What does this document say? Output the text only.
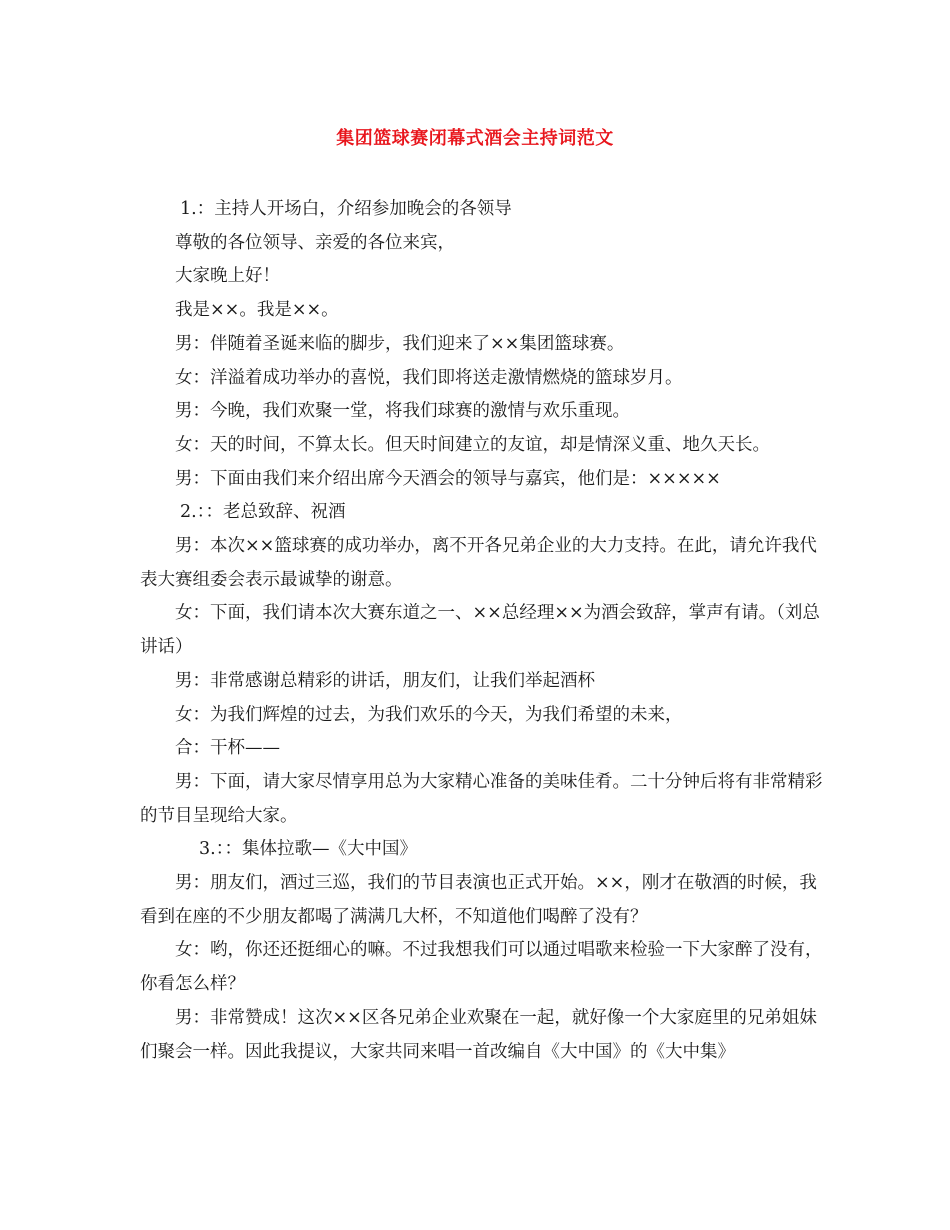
集团篮球赛闭幕式酒会主持词范文

1.：主持人开场白，介绍参加晚会的各领导

尊敬的各位领导、亲爱的各位来宾，

大家晚上好！

我是××。我是××。

男：伴随着圣诞来临的脚步，我们迎来了××集团篮球赛。

女：洋溢着成功举办的喜悦，我们即将送走激情燃烧的篮球岁月。

男：今晚，我们欢聚一堂，将我们球赛的激情与欢乐重现。

女：天的时间，不算太长。但天时间建立的友谊，却是情深义重、地久天长。

男：下面由我们来介绍出席今天酒会的领导与嘉宾，他们是：×××××

2.：：老总致辞、祝酒

男：本次××篮球赛的成功举办，离不开各兄弟企业的大力支持。在此，请允许我代表大赛组委会表示最诚挚的谢意。

女：下面，我们请本次大赛东道之一、××总经理××为酒会致辞，掌声有请。（刘总讲话）

男：非常感谢总精彩的讲话，朋友们，让我们举起酒杯

女：为我们辉煌的过去，为我们欢乐的今天，为我们希望的未来，

合：干杯——

男：下面，请大家尽情享用总为大家精心准备的美味佳肴。二十分钟后将有非常精彩的节目呈现给大家。

3.：：集体拉歌—《大中国》

男：朋友们，酒过三巡，我们的节目表演也正式开始。××，刚才在敬酒的时候，我看到在座的不少朋友都喝了满满几大杯，不知道他们喝醉了没有？

女：哟，你还还挺细心的嘛。不过我想我们可以通过唱歌来检验一下大家醉了没有，你看怎么样？

男：非常赞成！这次××区各兄弟企业欢聚在一起，就好像一个大家庭里的兄弟姐妹们聚会一样。因此我提议，大家共同来唱一首改编自《大中国》的《大中集》
